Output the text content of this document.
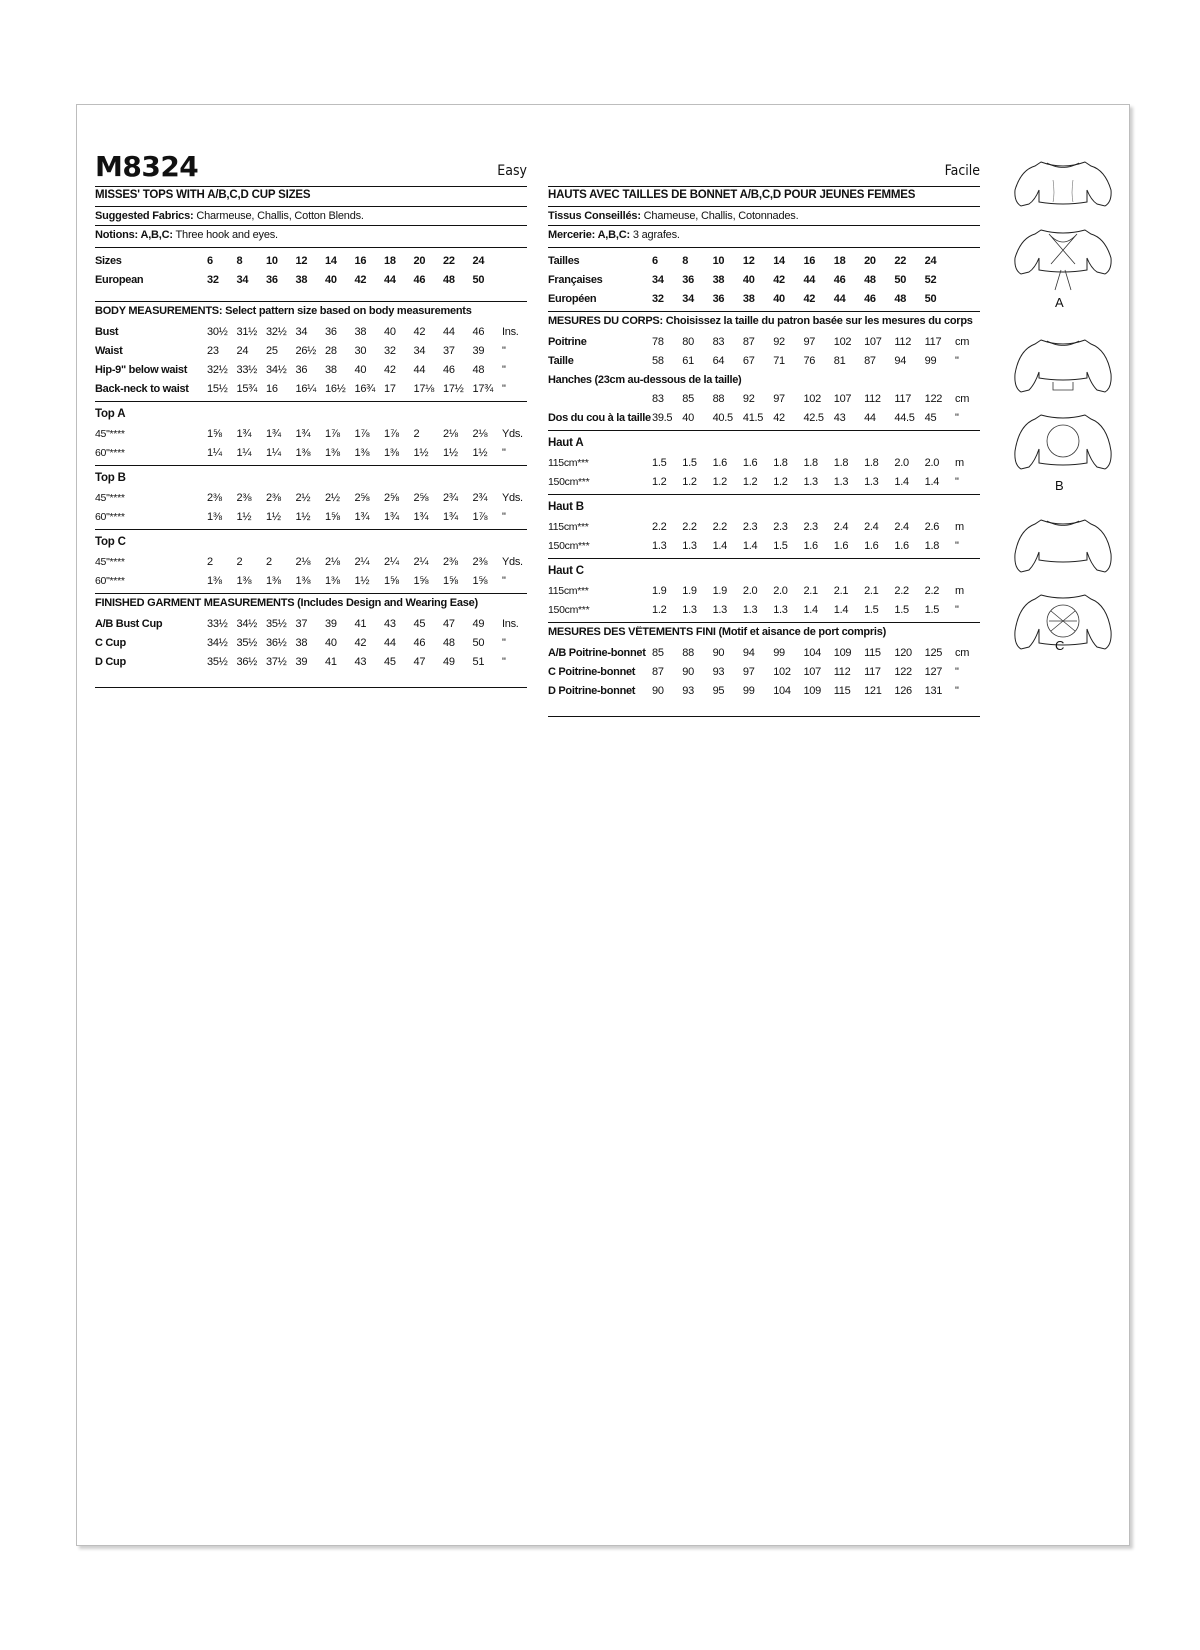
M8324	Easy
MISSES' TOPS WITH A/B,C,D CUP SIZES
Suggested Fabrics: Charmeuse, Challis, Cotton Blends.
Notions: A,B,C: Three hook and eyes.
Sizes	6	8	10	12	14	16	18	20	22	24	
European	32	34	36	38	40	42	44	46	48	50	
BODY MEASUREMENTS: Select pattern size based on body measurements
Bust	30½	31½	32½	34	36	38	40	42	44	46	Ins.
Waist	23	24	25	26½	28	30	32	34	37	39	"
Hip-9" below waist	32½	33½	34½	36	38	40	42	44	46	48	"
Back-neck to waist	15½	15¾	16	16¼	16½	16¾	17	17⅛	17½	17¾	"
Top A
45"****	1⅝	1¾	1¾	1¾	1⅞	1⅞	1⅞	2	2⅛	2⅛	Yds.
60"****	1¼	1¼	1¼	1⅜	1⅜	1⅜	1⅜	1½	1½	1½	"
Top B
45"****	2⅜	2⅜	2⅜	2½	2½	2⅝	2⅝	2⅝	2¾	2¾	Yds.
60"****	1⅜	1½	1½	1½	1⅝	1¾	1¾	1¾	1¾	1⅞	"
Top C
45"****	2	2	2	2⅛	2⅛	2¼	2¼	2¼	2⅜	2⅜	Yds.
60"****	1⅜	1⅜	1⅜	1⅜	1⅜	1½	1⅝	1⅝	1⅝	1⅝	"
FINISHED GARMENT MEASUREMENTS (Includes Design and Wearing Ease)
A/B Bust Cup	33½	34½	35½	37	39	41	43	45	47	49	Ins.
C Cup	34½	35½	36½	38	40	42	44	46	48	50	"
D Cup	35½	36½	37½	39	41	43	45	47	49	51	"
Facile
HAUTS AVEC TAILLES DE BONNET A/B,C,D POUR JEUNES FEMMES
Tissus Conseillés: Chameuse, Challis, Cotonnades.
Mercerie: A,B,C: 3 agrafes.
Tailles	6	8	10	12	14	16	18	20	22	24	
Françaises	34	36	38	40	42	44	46	48	50	52	
Européen	32	34	36	38	40	42	44	46	48	50	
MESURES DU CORPS: Choisissez la taille du patron basée sur les mesures du corps
Poitrine	78	80	83	87	92	97	102	107	112	117	cm
Taille	58	61	64	67	71	76	81	87	94	99	"
Hanches (23cm au-dessous de la taille)											
	83	85	88	92	97	102	107	112	117	122	cm
Dos du cou à la taille	39.5	40	40.5	41.5	42	42.5	43	44	44.5	45	"
Haut A
115cm***	1.5	1.5	1.6	1.6	1.8	1.8	1.8	1.8	2.0	2.0	m
150cm***	1.2	1.2	1.2	1.2	1.2	1.3	1.3	1.3	1.4	1.4	"
Haut B
115cm***	2.2	2.2	2.2	2.3	2.3	2.3	2.4	2.4	2.4	2.6	m
150cm***	1.3	1.3	1.4	1.4	1.5	1.6	1.6	1.6	1.6	1.8	"
Haut C
115cm***	1.9	1.9	1.9	2.0	2.0	2.1	2.1	2.1	2.2	2.2	m
150cm***	1.2	1.3	1.3	1.3	1.3	1.4	1.4	1.5	1.5	1.5	"
MESURES DES VÊTEMENTS FINI (Motif et aisance de port compris)
A/B Poitrine-bonnet	85	88	90	94	99	104	109	115	120	125	cm
C Poitrine-bonnet	87	90	93	97	102	107	112	117	122	127	"
D Poitrine-bonnet	90	93	95	99	104	109	115	121	126	131	"
A
B
C
